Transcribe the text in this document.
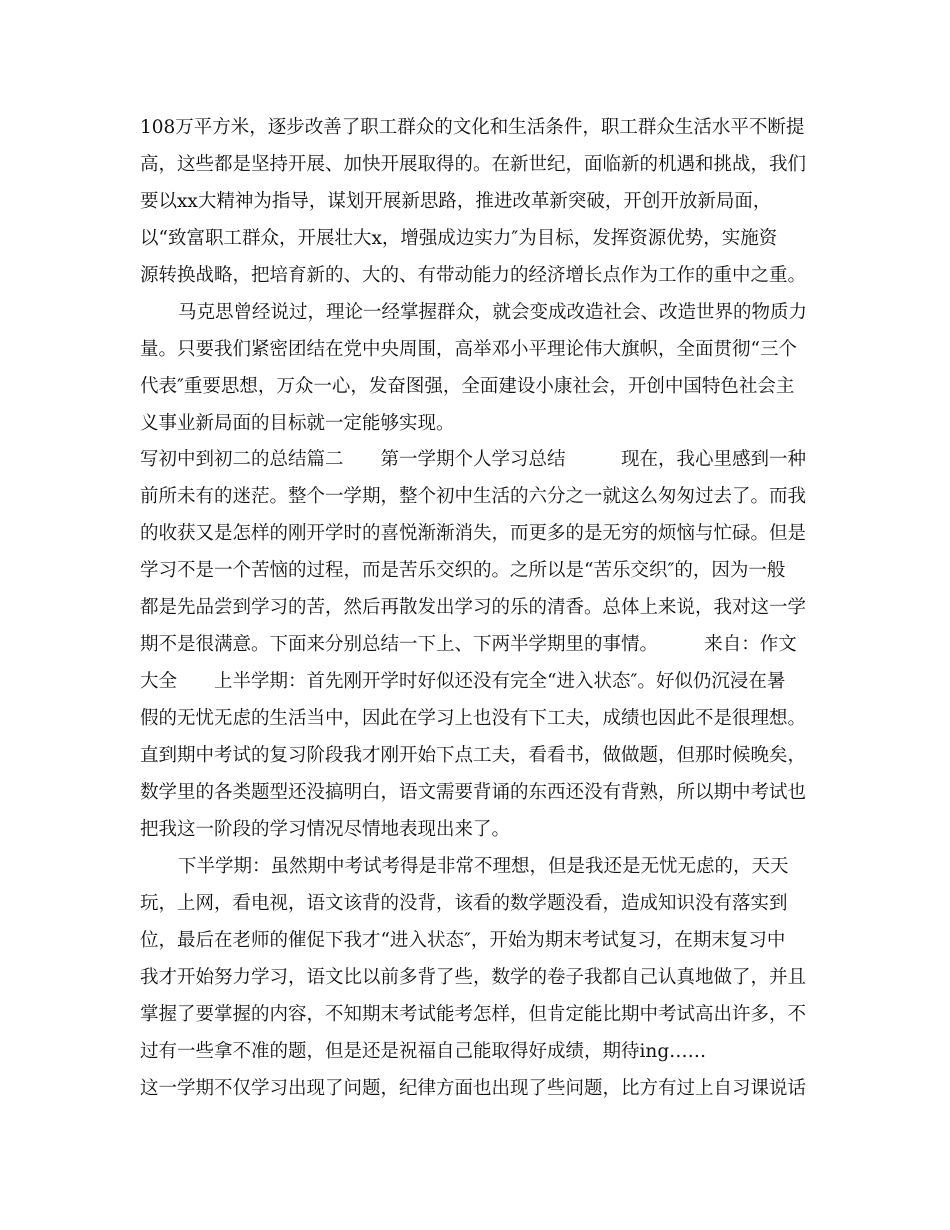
108万平方米，逐步改善了职工群众的文化和生活条件，职工群众生活水平不断提
高，这些都是坚持开展、加快开展取得的。在新世纪，面临新的机遇和挑战，我们
要以xx大精神为指导，谋划开展新思路，推进改革新突破，开创开放新局面，
以“致富职工群众，开展壮大x，增强成边实力″为目标，发挥资源优势，实施资
源转换战略，把培育新的、大的、有带动能力的经济增长点作为工作的重中之重。
马克思曾经说过，理论一经掌握群众，就会变成改造社会、改造世界的物质力
量。只要我们紧密团结在党中央周围，高举邓小平理论伟大旗帜，全面贯彻“三个
代表″重要思想，万众一心，发奋图强，全面建设小康社会，开创中国特色社会主
义事业新局面的目标就一定能够实现。
写初中到初二的总结篇二　　第一学期个人学习总结　　　现在，我心里感到一种
前所未有的迷茫。整个一学期，整个初中生活的六分之一就这么匆匆过去了。而我
的收获又是怎样的刚开学时的喜悦渐渐消失，而更多的是无穷的烦恼与忙碌。但是
学习不是一个苦恼的过程，而是苦乐交织的。之所以是“苦乐交织″的，因为一般
都是先品尝到学习的苦，然后再散发出学习的乐的清香。总体上来说，我对这一学
期不是很满意。下面来分别总结一下上、下两半学期里的事情。　　　来自：作文
大全　　上半学期：首先刚开学时好似还没有完全“进入状态″。好似仍沉浸在暑
假的无忧无虑的生活当中，因此在学习上也没有下工夫，成绩也因此不是很理想。
直到期中考试的复习阶段我才刚开始下点工夫，看看书，做做题，但那时候晚矣，
数学里的各类题型还没搞明白，语文需要背诵的东西还没有背熟，所以期中考试也
把我这一阶段的学习情况尽情地表现出来了。
下半学期：虽然期中考试考得是非常不理想，但是我还是无忧无虑的，天天
玩，上网，看电视，语文该背的没背，该看的数学题没看，造成知识没有落实到
位，最后在老师的催促下我才“进入状态″，开始为期末考试复习，在期末复习中
我才开始努力学习，语文比以前多背了些，数学的卷子我都自己认真地做了，并且
掌握了要掌握的内容，不知期末考试能考怎样，但肯定能比期中考试高出许多，不
过有一些拿不准的题，但是还是祝福自己能取得好成绩，期待ing……
这一学期不仅学习出现了问题，纪律方面也出现了些问题，比方有过上自习课说话
